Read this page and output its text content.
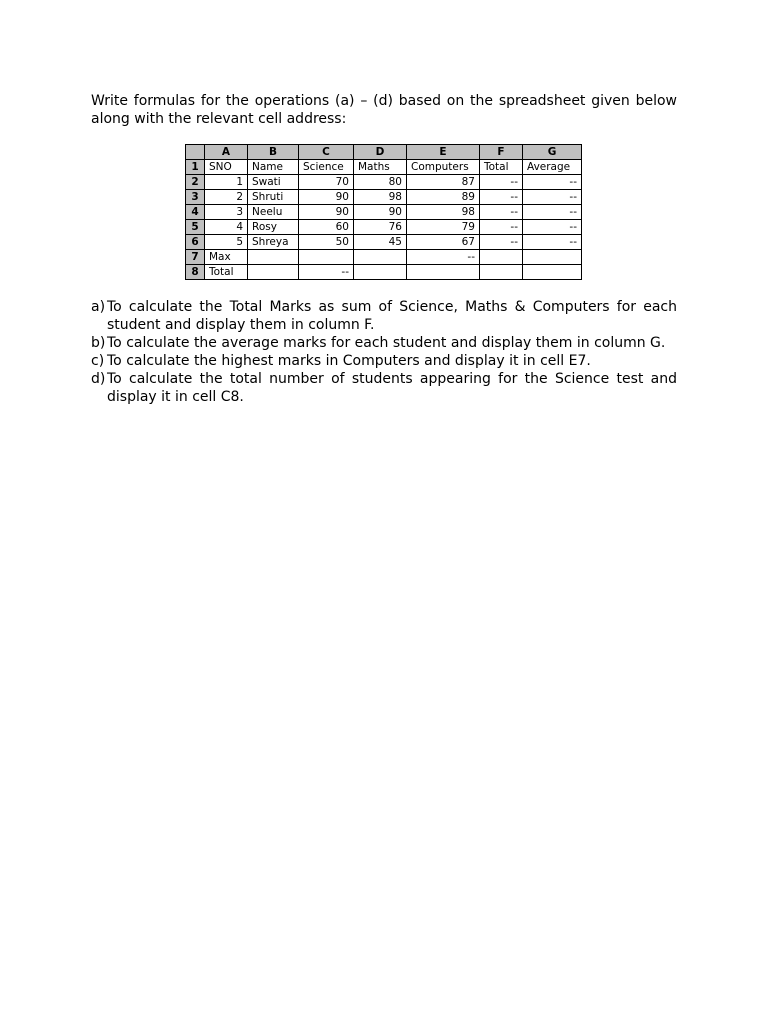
Write formulas for the operations (a) – (d) based on the spreadsheet given below along with the relevant cell address:

	A	B	C	D	E	F	G
1	SNO	Name	Science	Maths	Computers	Total	Average
2	1	Swati	70	80	87	--	--
3	2	Shruti	90	98	89	--	--
4	3	Neelu	90	90	98	--	--
5	4	Rosy	60	76	79	--	--
6	5	Shreya	50	45	67	--	--
7	Max				--		
8	Total		--				
a) To calculate the Total Marks as sum of Science, Maths & Computers for each student and display them in column F.
b) To calculate the average marks for each student and display them in column G.
c) To calculate the highest marks in Computers and display it in cell E7.
d) To calculate the total number of students appearing for the Science test and display it in cell C8.
